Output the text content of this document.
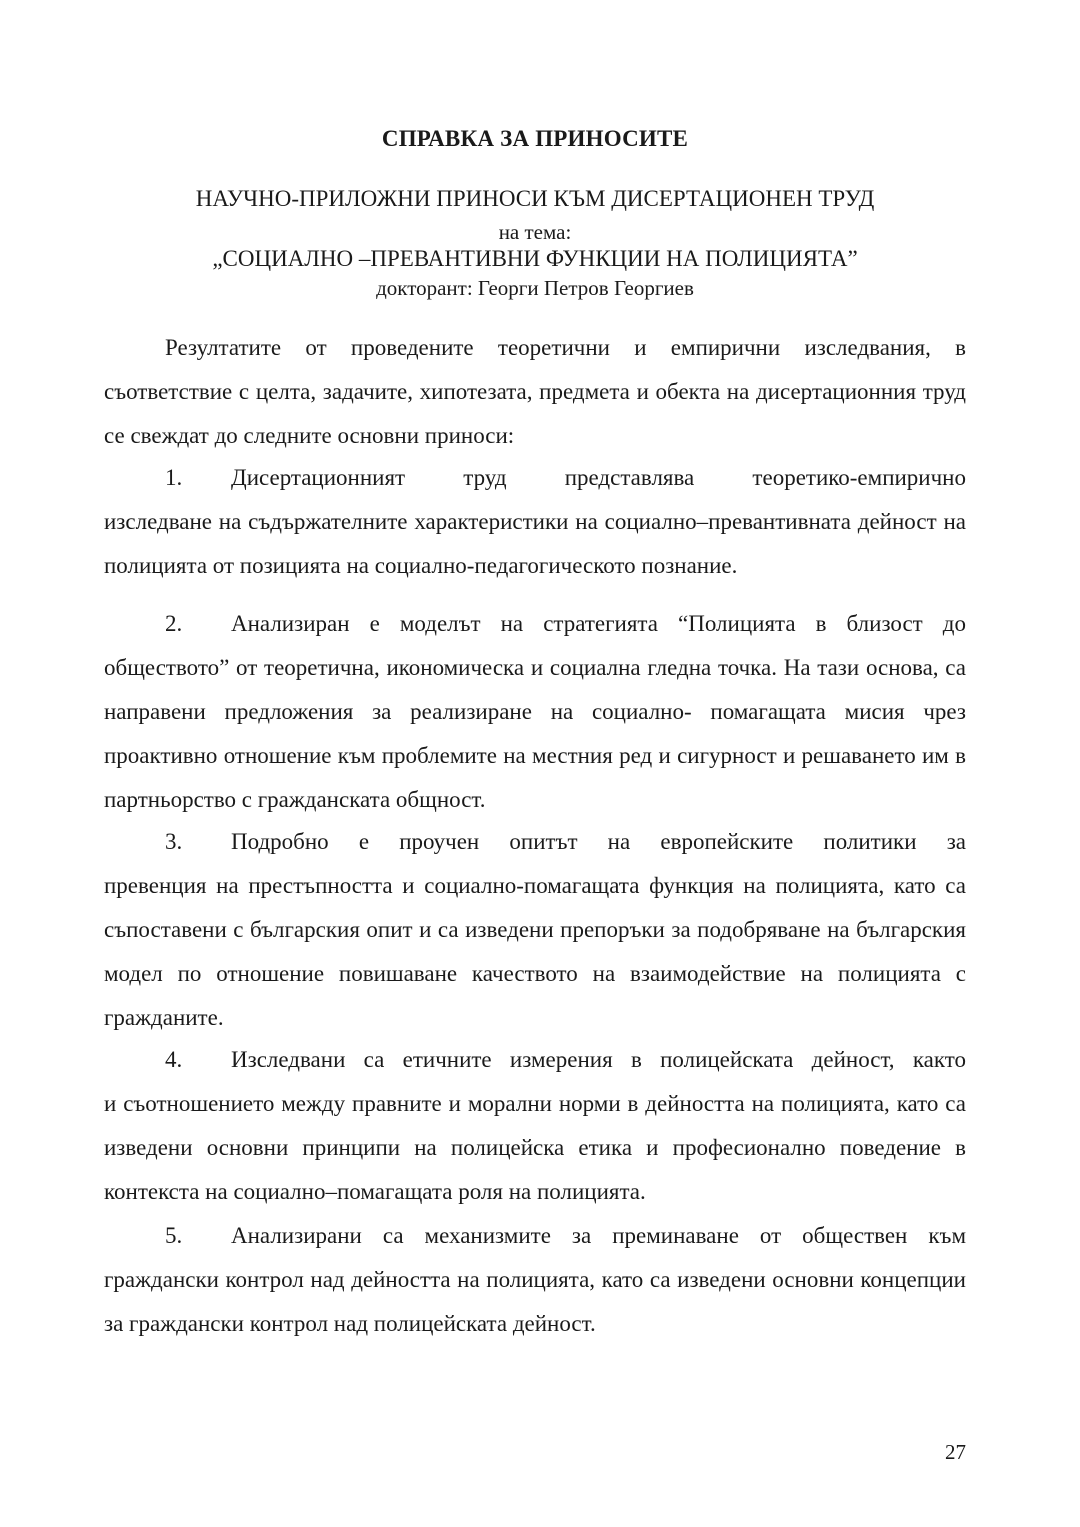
СПРАВКА ЗА ПРИНОСИТЕ
НАУЧНО-ПРИЛОЖНИ ПРИНОСИ КЪМ ДИСЕРТАЦИОНЕН ТРУД
на тема:
„СОЦИАЛНО –ПРЕВАНТИВНИ ФУНКЦИИ НА ПОЛИЦИЯТА”
докторант: Георги Петров Георгиев
Резултатите от проведените теоретични и емпирични изследвания, в съответствие с целта, задачите, хипотезата, предмета и обекта на дисертационния труд се свеждат до следните основни приноси:
1. Дисертационният труд представлява теоретико-емпирично
изследване на съдържателните характеристики на социално–превантивната дейност на полицията от позицията на социално-педагогическото познание.
2. Анализиран е моделът на стратегията “Полицията в близост до
обществото” от теоретична, икономическа и социална гледна точка. На тази основа, са направени предложения за реализиране на социално- помагащата мисия чрез проактивно отношение към проблемите на местния ред и сигурност и решаването им в партньорство с гражданската общност.
3. Подробно е проучен опитът на европейските политики за
превенция на престъпността и социално-помагащата функция на полицията, като са съпоставени с българския опит и са изведени препоръки за подобряване на българския модел по отношение повишаване качеството на взаимодействие на полицията с гражданите.
4. Изследвани са етичните измерения в полицейската дейност, както
и съотношението между правните и морални норми в дейността на полицията, като са изведени основни принципи на полицейска етика и професионално поведение в контекста на социално–помагащата роля на полицията.
5. Анализирани са механизмите за преминаване от обществен към
граждански контрол над дейността на полицията, като са изведени основни концепции за граждански контрол над полицейската дейност.
27
